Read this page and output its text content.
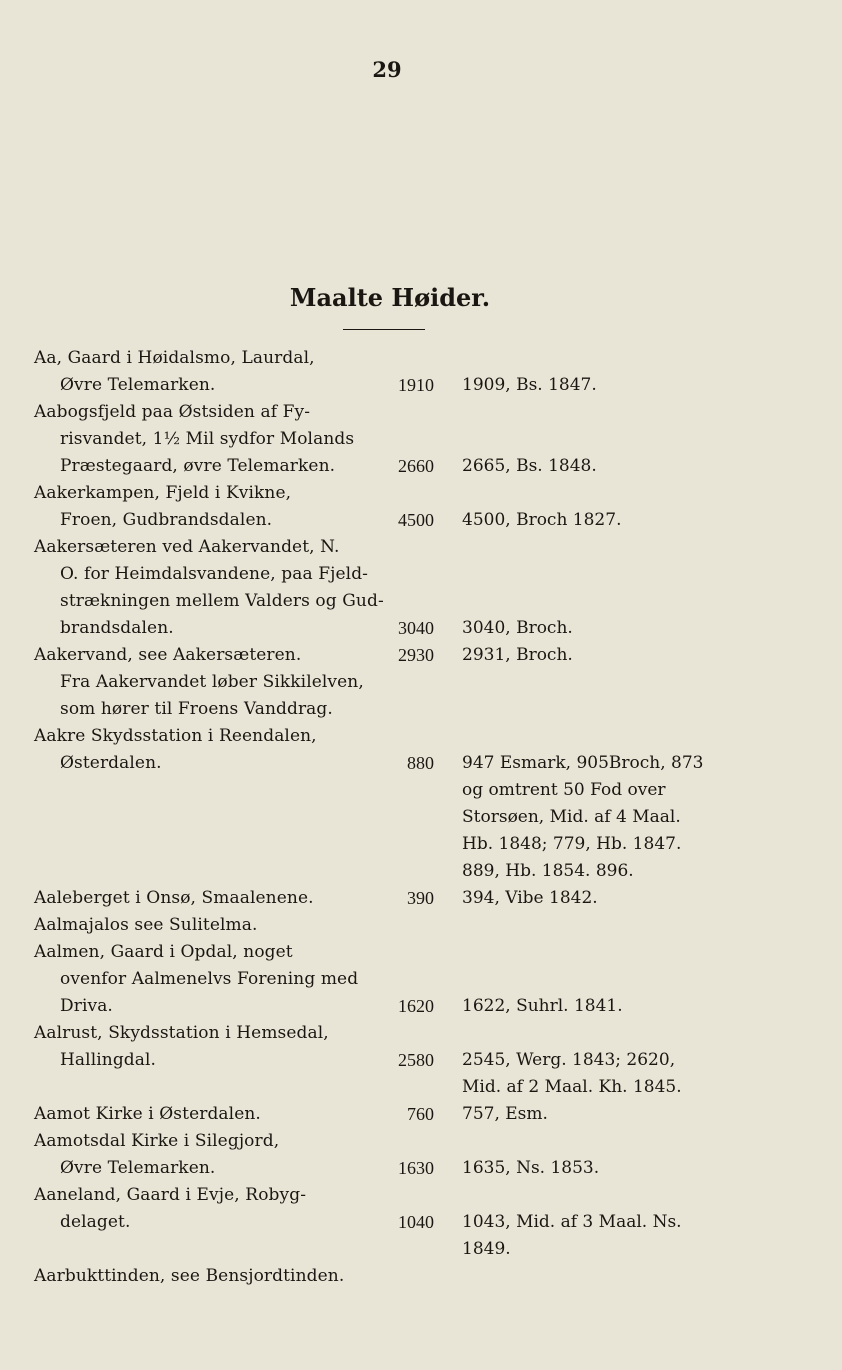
29
Maalte Høider.
Aa, Gaard i Høidalsmo, Laurdal,
Øvre Telemarken.	1910 1909, Bs. 1847.
Aabogsfjeld paa Østsiden af Fy-
risvandet, 1½ Mil sydfor Molands
Præstegaard, øvre Telemarken.	2660 2665, Bs. 1848.
Aakerkampen, Fjeld i Kvikne,
Froen, Gudbrandsdalen.	4500 4500, Broch 1827.
Aakersæteren ved Aakervandet, N.
O. for Heimdalsvandene, paa Fjeld-
strækningen mellem Valders og Gud-
brandsdalen.	3040 3040, Broch.
Aakervand, see Aakersæteren.	2930 2931, Broch.
Fra Aakervandet løber Sikkilelven,
som hører til Froens Vanddrag.
Aakre Skydsstation i Reendalen,
Østerdalen.	880 947 Esmark, 905Broch, 873
og omtrent 50 Fod over
Storsøen, Mid. af 4 Maal.
Hb. 1848; 779, Hb. 1847.
889, Hb. 1854. 896.
Aaleberget i Onsø, Smaalenene.	390 394, Vibe 1842.
Aalmajalos see Sulitelma.
Aalmen, Gaard i Opdal, noget
ovenfor Aalmenelvs Forening med
Driva.	1620 1622, Suhrl. 1841.
Aalrust, Skydsstation i Hemsedal,
Hallingdal.	2580 2545, Werg. 1843; 2620,
Mid. af 2 Maal. Kh. 1845.
Aamot Kirke i Østerdalen.	760 757, Esm.
Aamotsdal Kirke i Silegjord,
Øvre Telemarken.	1630 1635, Ns. 1853.
Aaneland, Gaard i Evje, Robyg-
delaget.	1040 1043, Mid. af 3 Maal. Ns.
1849.
Aarbukttinden, see Bensjordtinden.
